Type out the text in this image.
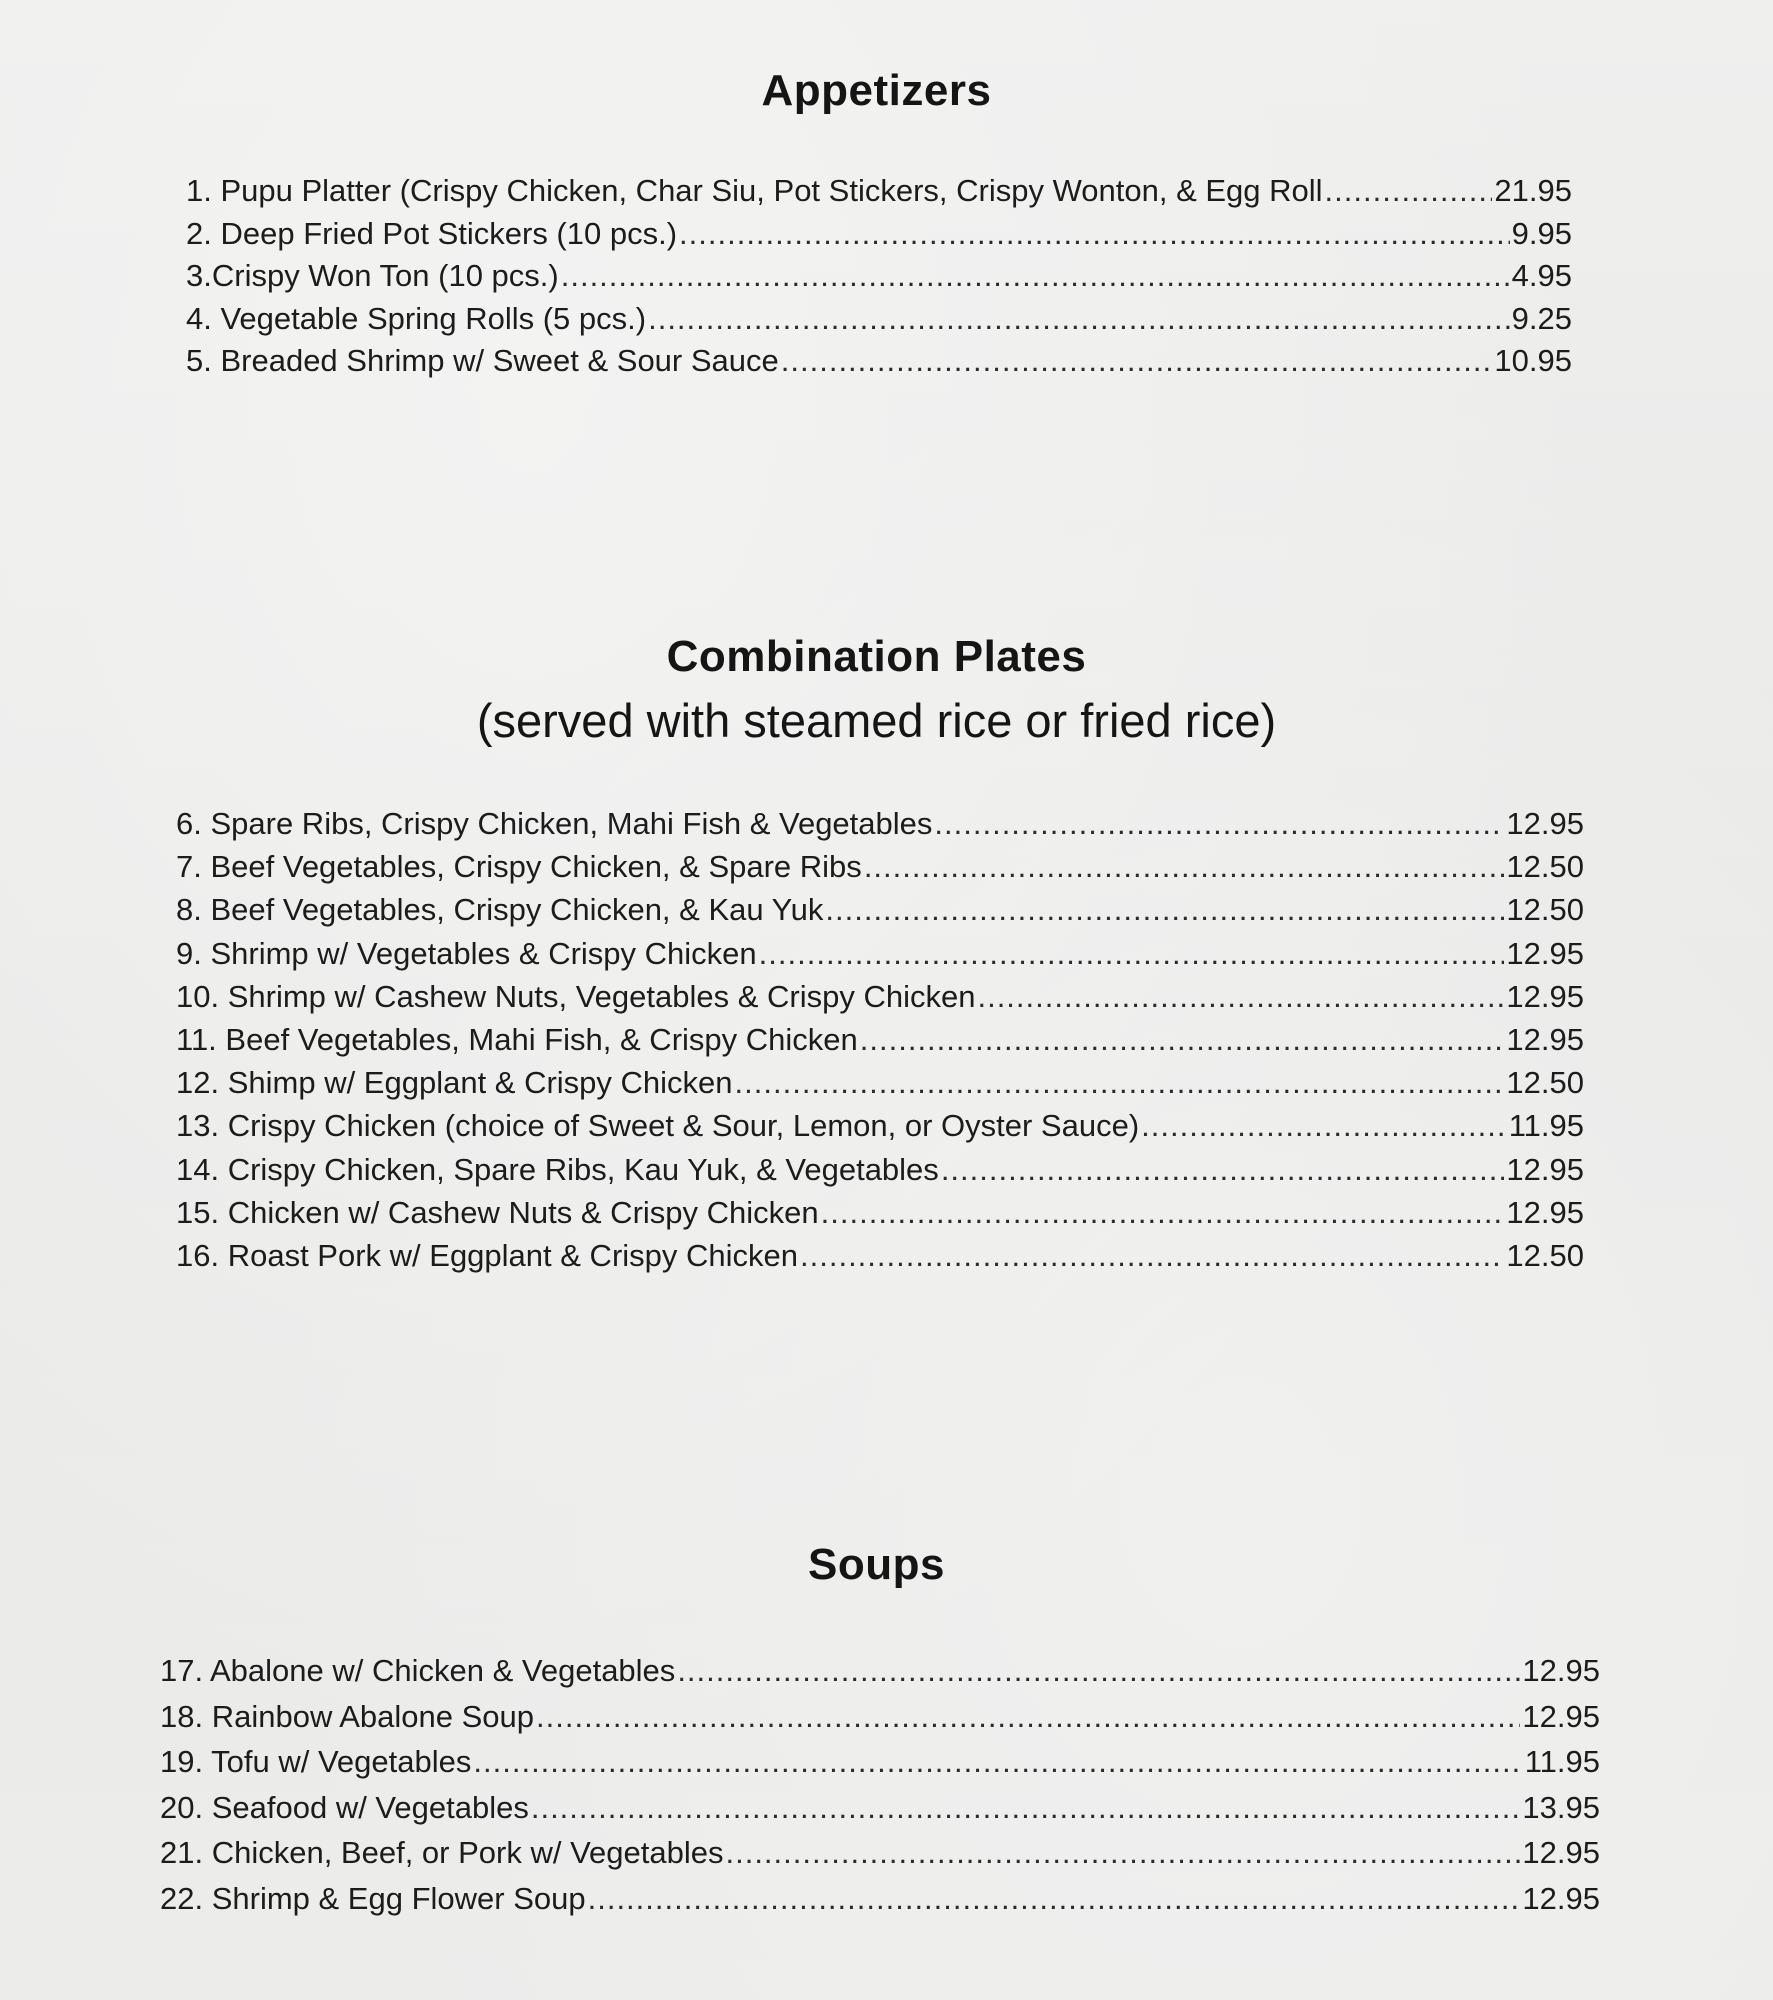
Appetizers
1. Pupu Platter (Crispy Chicken, Char Siu, Pot Stickers, Crispy Wonton, & Egg Roll .....	21.95
2. Deep Fried Pot Stickers (10 pcs.) .....	9.95
3.Crispy Won Ton (10 pcs.) .....	4.95
4. Vegetable Spring Rolls (5 pcs.) .....	9.25
5. Breaded Shrimp w/ Sweet & Sour Sauce .....	10.95
Combination Plates
(served with steamed rice or fried rice)
6. Spare Ribs, Crispy Chicken, Mahi Fish & Vegetables .....	12.95
7. Beef Vegetables, Crispy Chicken, & Spare Ribs .....	12.50
8. Beef Vegetables, Crispy Chicken, & Kau Yuk .....	12.50
9. Shrimp w/ Vegetables & Crispy Chicken .....	12.95
10. Shrimp w/ Cashew Nuts, Vegetables & Crispy Chicken .....	12.95
11. Beef Vegetables, Mahi Fish, & Crispy Chicken .....	12.95
12. Shimp w/ Eggplant & Crispy Chicken .....	12.50
13. Crispy Chicken (choice of Sweet & Sour, Lemon, or Oyster Sauce) .....	11.95
14. Crispy Chicken, Spare Ribs, Kau Yuk, & Vegetables .....	12.95
15. Chicken w/ Cashew Nuts & Crispy Chicken .....	12.95
16. Roast Pork w/ Eggplant & Crispy Chicken .....	12.50
Soups
17. Abalone w/ Chicken & Vegetables .....	12.95
18. Rainbow Abalone Soup .....	12.95
19. Tofu w/ Vegetables .....	11.95
20. Seafood w/ Vegetables .....	13.95
21. Chicken, Beef, or Pork w/ Vegetables .....	12.95
22. Shrimp & Egg Flower Soup .....	12.95
